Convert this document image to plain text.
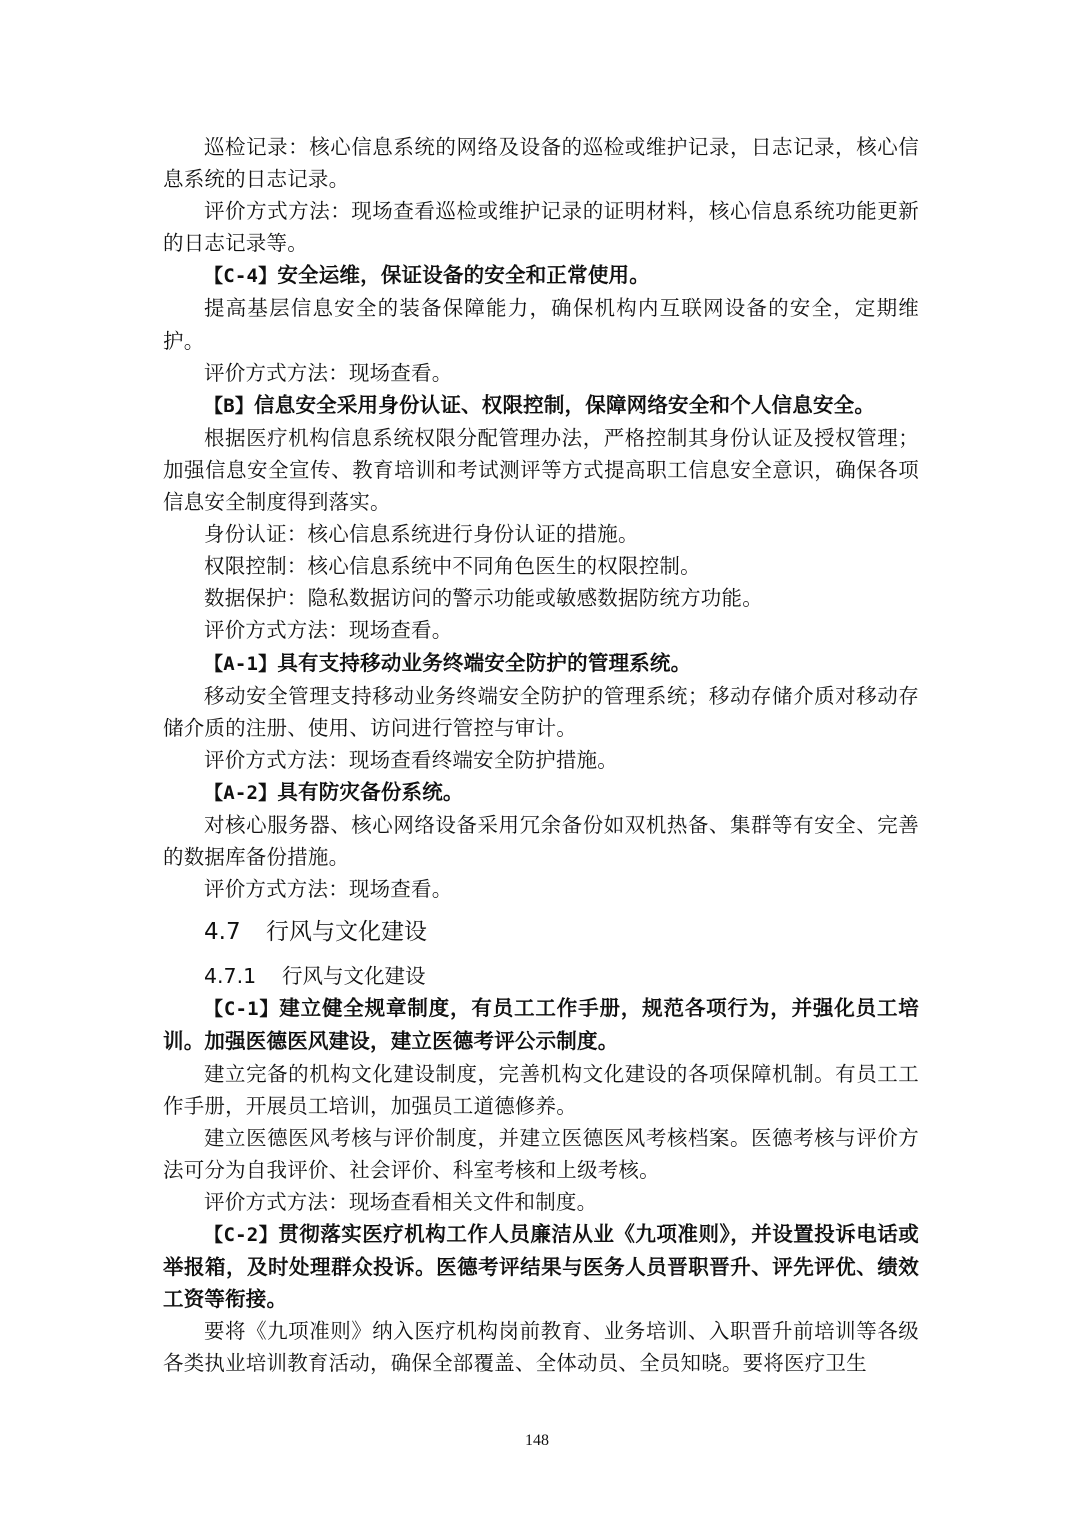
巡检记录：核心信息系统的网络及设备的巡检或维护记录，日志记录，核心信息系统的日志记录。

评价方式方法：现场查看巡检或维护记录的证明材料，核心信息系统功能更新的日志记录等。

【C-4】安全运维，保证设备的安全和正常使用。

提高基层信息安全的装备保障能力，确保机构内互联网设备的安全，定期维护。

评价方式方法：现场查看。

【B】信息安全采用身份认证、权限控制，保障网络安全和个人信息安全。

根据医疗机构信息系统权限分配管理办法，严格控制其身份认证及授权管理；加强信息安全宣传、教育培训和考试测评等方式提高职工信息安全意识，确保各项信息安全制度得到落实。

身份认证：核心信息系统进行身份认证的措施。

权限控制：核心信息系统中不同角色医生的权限控制。

数据保护：隐私数据访问的警示功能或敏感数据防统方功能。

评价方式方法：现场查看。

【A-1】具有支持移动业务终端安全防护的管理系统。

移动安全管理支持移动业务终端安全防护的管理系统；移动存储介质对移动存储介质的注册、使用、访问进行管控与审计。

评价方式方法：现场查看终端安全防护措施。

【A-2】具有防灾备份系统。

对核心服务器、核心网络设备采用冗余备份如双机热备、集群等有安全、完善的数据库备份措施。

评价方式方法：现场查看。

4.7 行风与文化建设
4.7.1 行风与文化建设

【C-1】建立健全规章制度，有员工工作手册，规范各项行为，并强化员工培训。加强医德医风建设，建立医德考评公示制度。

建立完备的机构文化建设制度，完善机构文化建设的各项保障机制。有员工工作手册，开展员工培训，加强员工道德修养。

建立医德医风考核与评价制度，并建立医德医风考核档案。医德考核与评价方法可分为自我评价、社会评价、科室考核和上级考核。

评价方式方法：现场查看相关文件和制度。

【C-2】贯彻落实医疗机构工作人员廉洁从业《九项准则》，并设置投诉电话或举报箱，及时处理群众投诉。医德考评结果与医务人员晋职晋升、评先评优、绩效工资等衔接。

要将《九项准则》纳入医疗机构岗前教育、业务培训、入职晋升前培训等各级各类执业培训教育活动，确保全部覆盖、全体动员、全员知晓。要将医疗卫生

148
